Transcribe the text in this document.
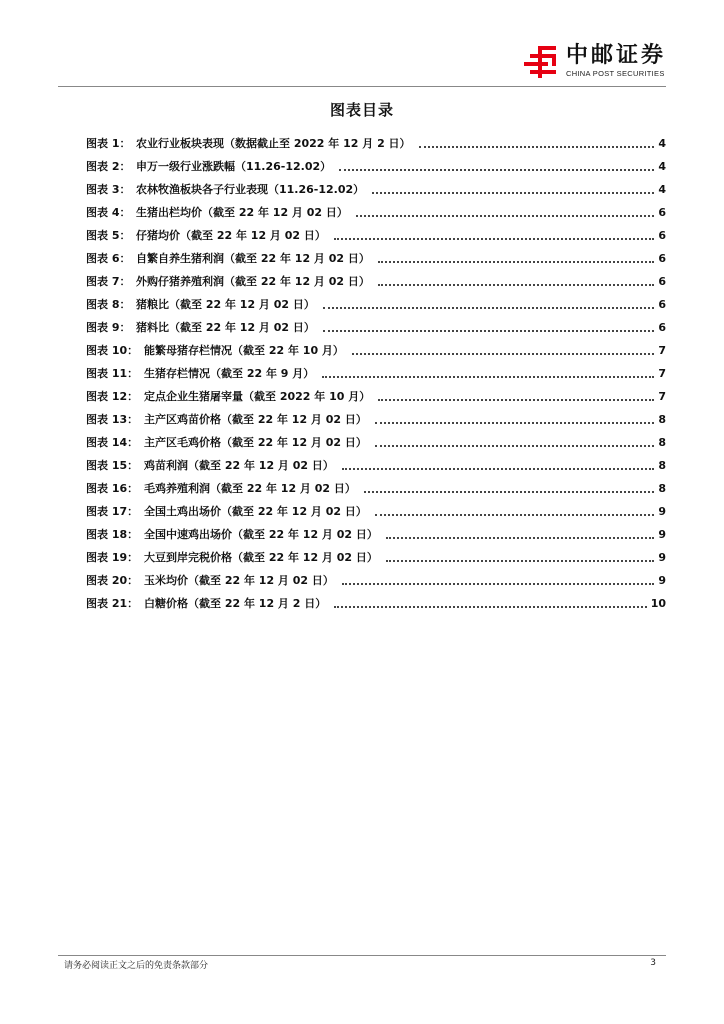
中邮证券
CHINA POST SECURITIES
图表目录
图表 1： 农业行业板块表现（数据截止至 2022 年 12 月 2 日）	4
图表 2： 申万一级行业涨跌幅（11.26-12.02）	4
图表 3： 农林牧渔板块各子行业表现（11.26-12.02）	4
图表 4： 生猪出栏均价（截至 22 年 12 月 02 日）	6
图表 5： 仔猪均价（截至 22 年 12 月 02 日）	6
图表 6： 自繁自养生猪利润（截至 22 年 12 月 02 日）	6
图表 7： 外购仔猪养殖利润（截至 22 年 12 月 02 日）	6
图表 8： 猪粮比（截至 22 年 12 月 02 日）	6
图表 9： 猪料比（截至 22 年 12 月 02 日）	6
图表 10： 能繁母猪存栏情况（截至 22 年 10 月）	7
图表 11： 生猪存栏情况（截至 22 年 9 月）	7
图表 12： 定点企业生猪屠宰量（截至 2022 年 10 月）	7
图表 13： 主产区鸡苗价格（截至 22 年 12 月 02 日）	8
图表 14： 主产区毛鸡价格（截至 22 年 12 月 02 日）	8
图表 15： 鸡苗利润（截至 22 年 12 月 02 日）	8
图表 16： 毛鸡养殖利润（截至 22 年 12 月 02 日）	8
图表 17： 全国土鸡出场价（截至 22 年 12 月 02 日）	9
图表 18： 全国中速鸡出场价（截至 22 年 12 月 02 日）	9
图表 19： 大豆到岸完税价格（截至 22 年 12 月 02 日）	9
图表 20： 玉米均价（截至 22 年 12 月 02 日）	9
图表 21： 白糖价格（截至 22 年 12 月 2 日）	10
请务必阅读正文之后的免责条款部分	3
